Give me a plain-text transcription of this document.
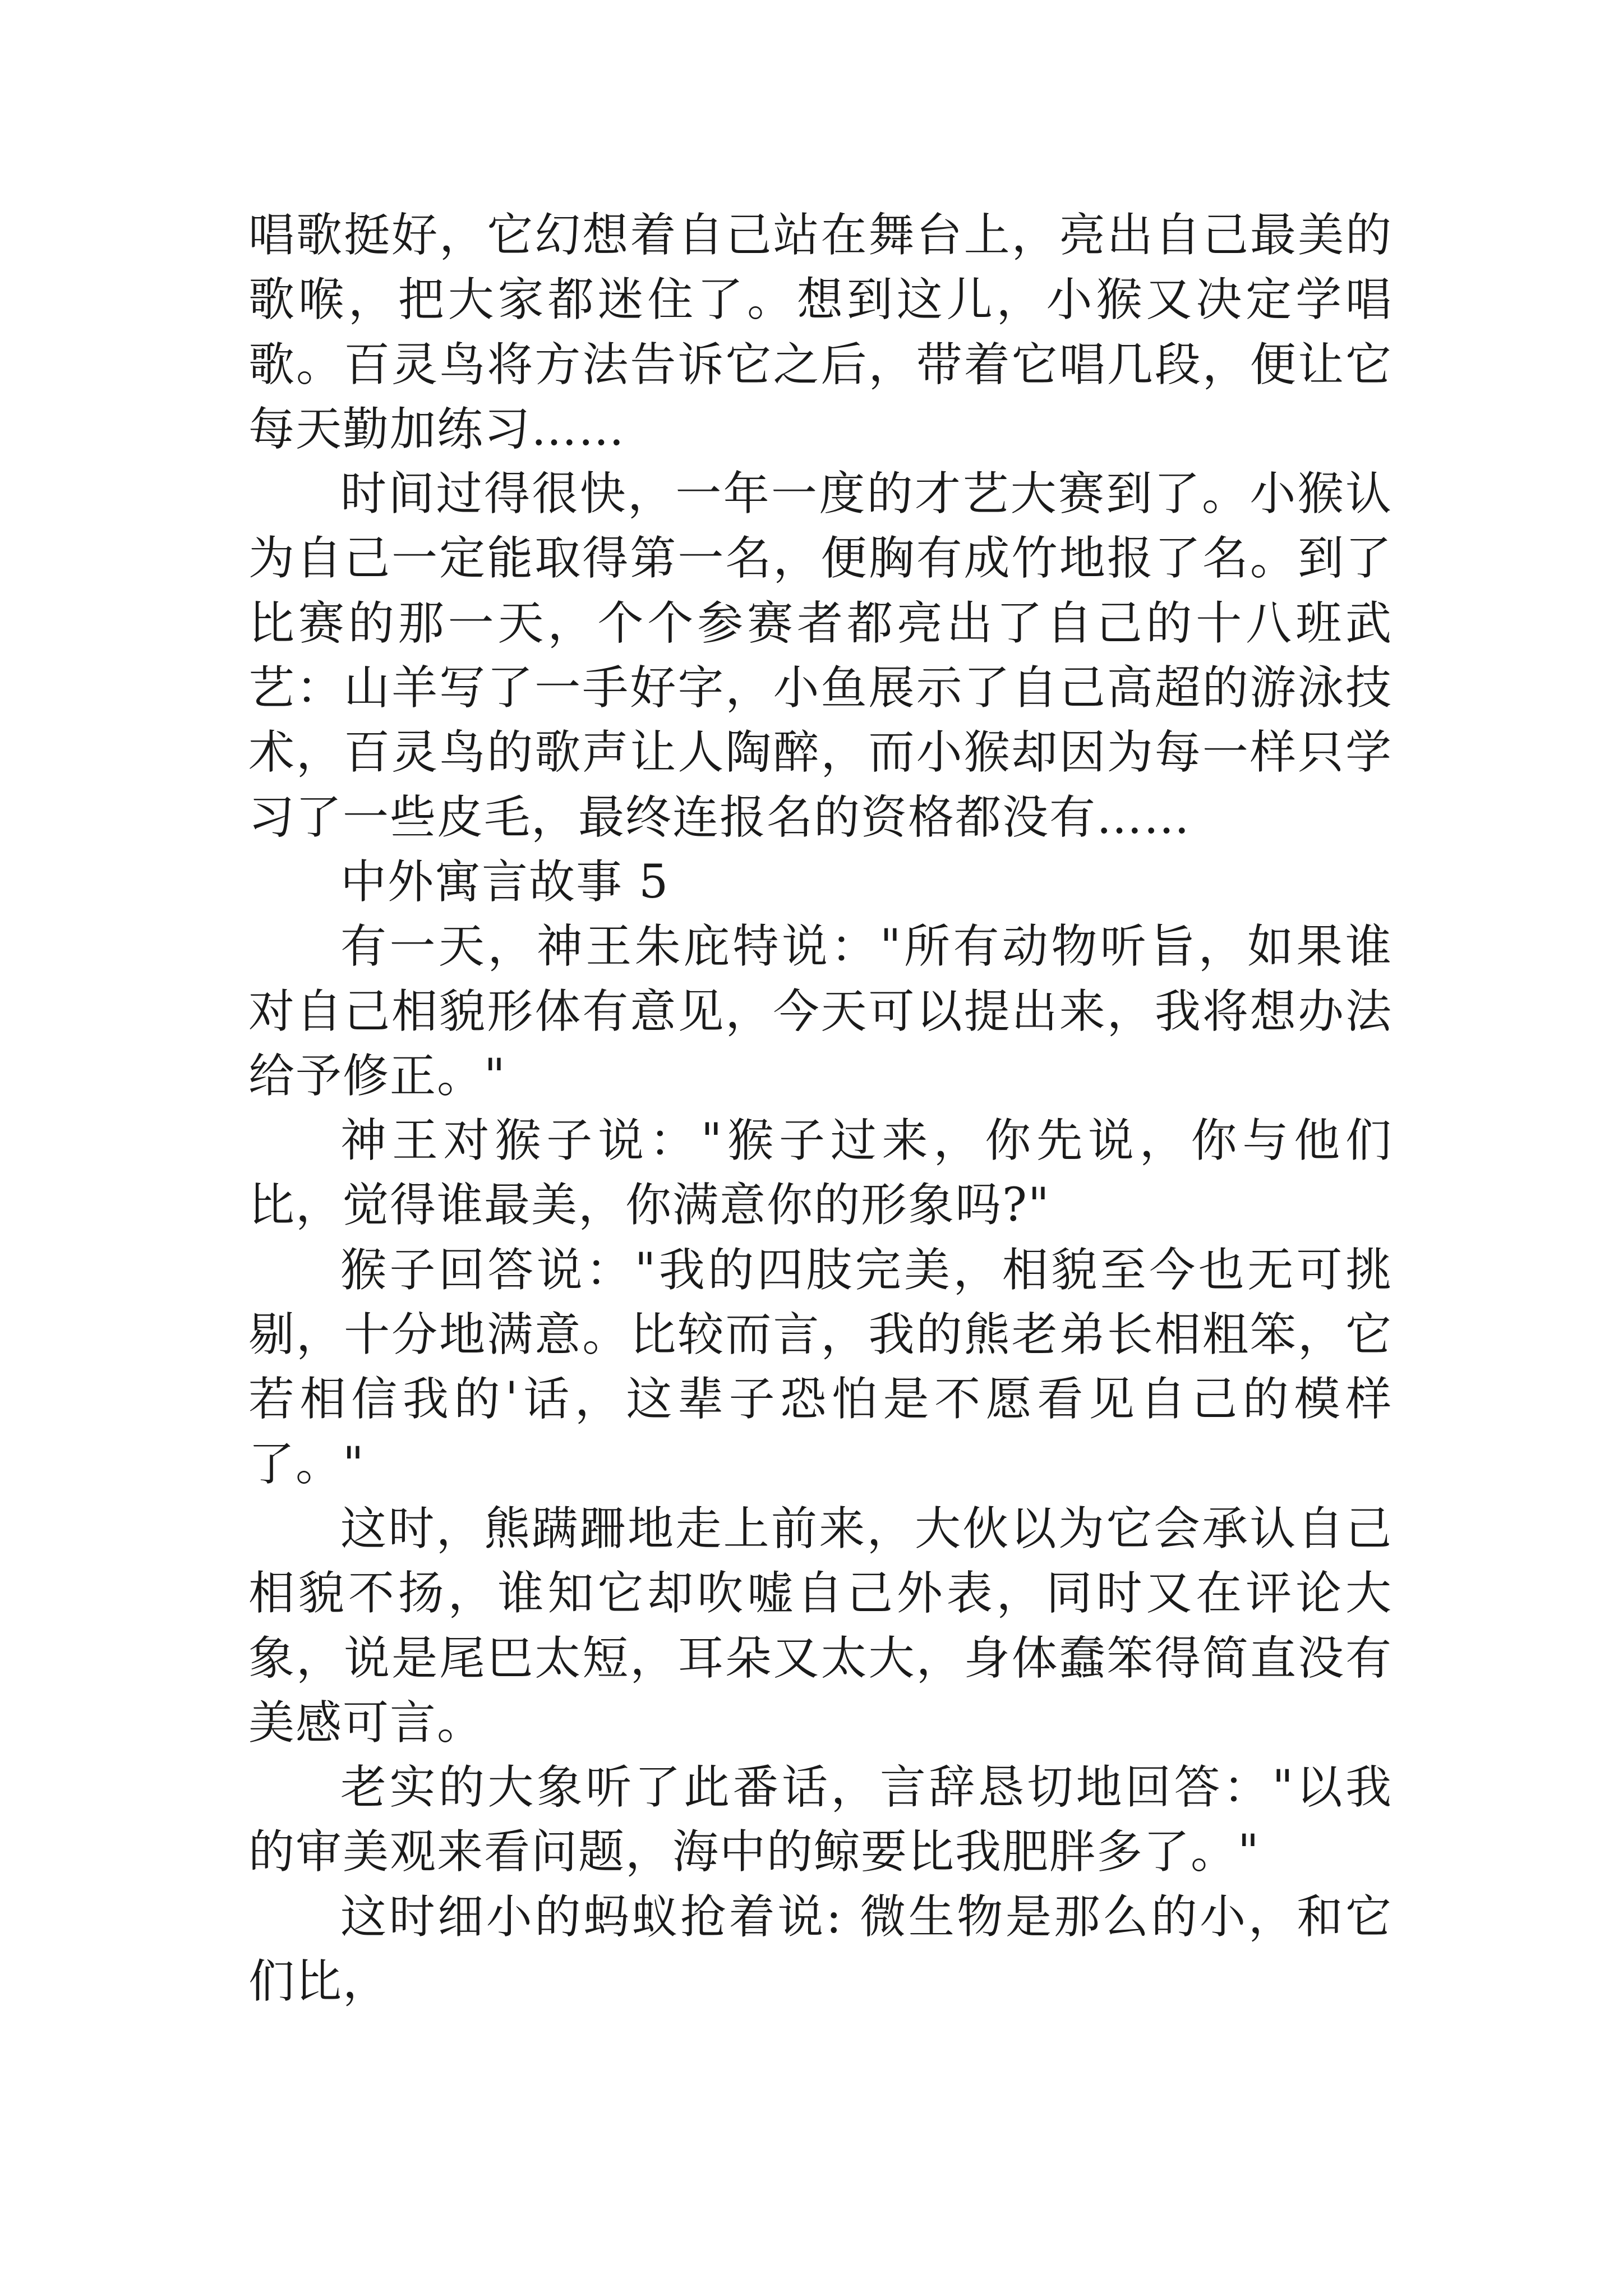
唱歌挺好，它幻想着自己站在舞台上，亮出自己最美的歌喉，把大家都迷住了。想到这儿，小猴又决定学唱歌。百灵鸟将方法告诉它之后，带着它唱几段，便让它每天勤加练习……

时间过得很快，一年一度的才艺大赛到了。小猴认为自己一定能取得第一名，便胸有成竹地报了名。到了比赛的那一天，个个参赛者都亮出了自己的十八班武艺：山羊写了一手好字，小鱼展示了自己高超的游泳技术，百灵鸟的歌声让人陶醉，而小猴却因为每一样只学习了一些皮毛，最终连报名的资格都没有……

中外寓言故事 5

有一天，神王朱庇特说："所有动物听旨，如果谁对自己相貌形体有意见，今天可以提出来，我将想办法给予修正。"

神王对猴子说："猴子过来，你先说，你与他们比，觉得谁最美，你满意你的形象吗?"

猴子回答说："我的四肢完美，相貌至今也无可挑剔，十分地满意。比较而言，我的熊老弟长相粗笨，它若相信我的'话，这辈子恐怕是不愿看见自己的模样了。"

这时，熊蹒跚地走上前来，大伙以为它会承认自己相貌不扬，谁知它却吹嘘自己外表，同时又在评论大象，说是尾巴太短，耳朵又太大，身体蠢笨得简直没有美感可言。

老实的大象听了此番话，言辞恳切地回答："以我的审美观来看问题，海中的鲸要比我肥胖多了。"

这时细小的蚂蚁抢着说: 微生物是那么的小，和它们比，
